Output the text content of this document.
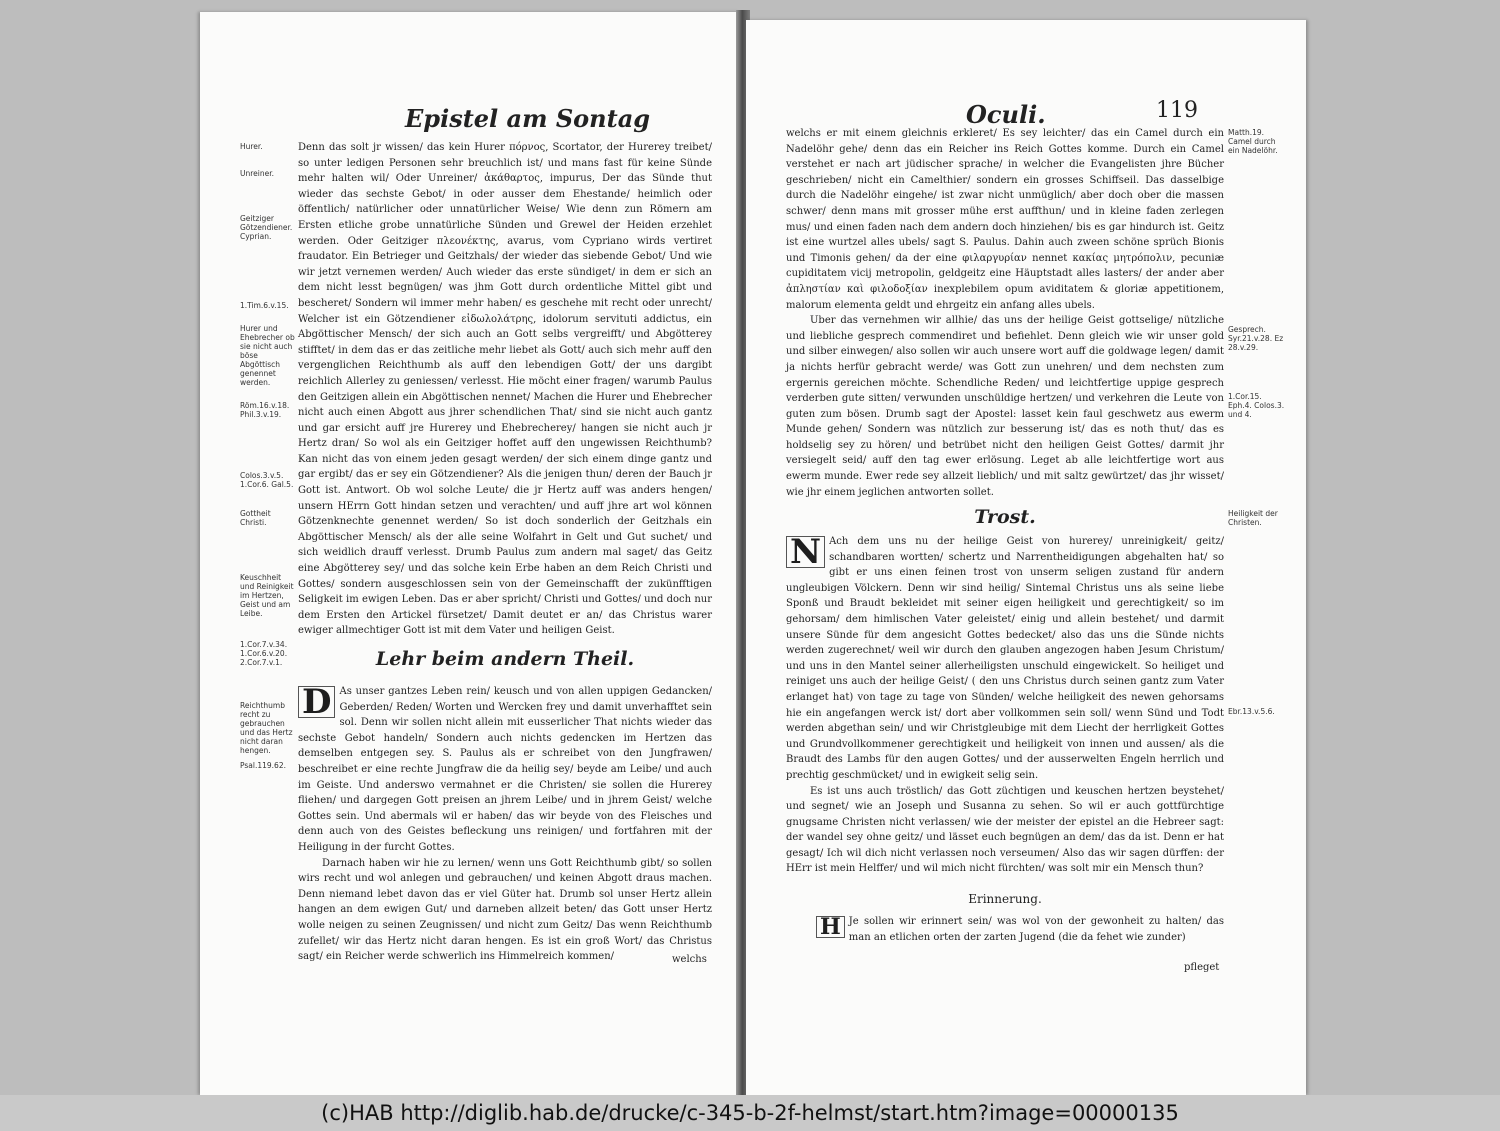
Epistel am Sontag
Hurer.
Unreiner.
Geitziger Götzendiener. Cyprian.
1.Tim.6.v.15.
Hurer und Ehebrecher ob sie nicht auch böse Abgöttisch genennet werden.
Röm.16.v.18. Phil.3.v.19.
Colos.3.v.5. 1.Cor.6. Gal.5.
Gottheit Christi.
Keuschheit und Reinigkeit im Hertzen, Geist und am Leibe.
1.Cor.7.v.34. 1.Cor.6.v.20. 2.Cor.7.v.1.
Reichthumb recht zu gebrauchen und das Hertz nicht daran hengen.
Psal.119.62.

Denn das solt jr wissen/ das kein Hurer πόρνος, Scortator, der Hurerey treibet/ so unter ledigen Personen sehr breuchlich ist/ und mans fast für keine Sünde mehr halten wil/ Oder Unreiner/ ἀκάθαρτος, impurus, Der das Sünde thut wieder das sechste Gebot/ in oder ausser dem Ehestande/ heimlich oder öffentlich/ natürlicher oder unnatürlicher Weise/ Wie denn zun Römern am Ersten etliche grobe unnatürliche Sünden und Grewel der Heiden erzehlet werden. Oder Geitziger πλεονέκτης, avarus, vom Cypriano wirds vertiret fraudator. Ein Betrieger und Geitzhals/ der wieder das siebende Gebot/ Und wie wir jetzt vernemen werden/ Auch wieder das erste sündiget/ in dem er sich an dem nicht lesst begnügen/ was jhm Gott durch ordentliche Mittel gibt und bescheret/ Sondern wil immer mehr haben/ es geschehe mit recht oder unrecht/ Welcher ist ein Götzendiener εἰδωλολάτρης, idolorum servituti addictus, ein Abgöttischer Mensch/ der sich auch an Gott selbs vergreifft/ und Abgötterey stifftet/ in dem das er das zeitliche mehr liebet als Gott/ auch sich mehr auff den vergenglichen Reichthumb als auff den lebendigen Gott/ der uns dargibt reichlich Allerley zu geniessen/ verlesst. Hie möcht einer fragen/ warumb Paulus den Geitzigen allein ein Abgöttischen nennet/ Machen die Hurer und Ehebrecher nicht auch einen Abgott aus jhrer schendlichen That/ sind sie nicht auch gantz und gar ersicht auff jre Hurerey und Ehebrecherey/ hangen sie nicht auch jr Hertz dran/ So wol als ein Geitziger hoffet auff den ungewissen Reichthumb? Kan nicht das von einem jeden gesagt werden/ der sich einem dinge gantz und gar ergibt/ das er sey ein Götzendiener? Als die jenigen thun/ deren der Bauch jr Gott ist. Antwort. Ob wol solche Leute/ die jr Hertz auff was anders hengen/ unsern HErrn Gott hindan setzen und verachten/ und auff jhre art wol können Götzenknechte genennet werden/ So ist doch sonderlich der Geitzhals ein Abgöttischer Mensch/ als der alle seine Wolfahrt in Gelt und Gut suchet/ und sich weidlich drauff verlesst. Drumb Paulus zum andern mal saget/ das Geitz eine Abgötterey sey/ und das solche kein Erbe haben an dem Reich Christi und Gottes/ sondern ausgeschlossen sein von der Gemeinschafft der zukünfftigen Seligkeit im ewigen Leben. Das er aber spricht/ Christi und Gottes/ und doch nur dem Ersten den Artickel fürsetzet/ Damit deutet er an/ das Christus warer ewiger allmechtiger Gott ist mit dem Vater und heiligen Geist.

Lehr beim andern Theil.

D As unser gantzes Leben rein/ keusch und von allen uppigen Gedancken/ Geberden/ Reden/ Worten und Wercken frey und damit unverhafftet sein sol. Denn wir sollen nicht allein mit eusserlicher That nichts wieder das sechste Gebot handeln/ Sondern auch nichts gedencken im Hertzen das demselben entgegen sey. S. Paulus als er schreibet von den Jungfrawen/ beschreibet er eine rechte Jungfraw die da heilig sey/ beyde am Leibe/ und auch im Geiste. Und anderswo vermahnet er die Christen/ sie sollen die Hurerey fliehen/ und dargegen Gott preisen an jhrem Leibe/ und in jhrem Geist/ welche Gottes sein. Und abermals wil er haben/ das wir beyde von des Fleisches und denn auch von des Geistes befleckung uns reinigen/ und fortfahren mit der Heiligung in der furcht Gottes.

Darnach haben wir hie zu lernen/ wenn uns Gott Reichthumb gibt/ so sollen wirs recht und wol anlegen und gebrauchen/ und keinen Abgott draus machen. Denn niemand lebet davon das er viel Güter hat. Drumb sol unser Hertz allein hangen an dem ewigen Gut/ und darneben allzeit beten/ das Gott unser Hertz wolle neigen zu seinen Zeugnissen/ und nicht zum Geitz/ Das wenn Reichthumb zufellet/ wir das Hertz nicht daran hengen. Es ist ein groß Wort/ das Christus sagt/ ein Reicher werde schwerlich ins Himmelreich kommen/	welchs
Oculi.	119

welchs er mit einem gleichnis erkleret/ Es sey leichter/ das ein Camel durch ein Nadelöhr gehe/ denn das ein Reicher ins Reich Gottes komme. Durch ein Camel verstehet er nach art jüdischer sprache/ in welcher die Evangelisten jhre Bücher geschrieben/ nicht ein Camelthier/ sondern ein grosses Schiffseil. Das dasselbige durch die Nadelöhr eingehe/ ist zwar nicht unmüglich/ aber doch ober die massen schwer/ denn mans mit grosser mühe erst auffthun/ und in kleine faden zerlegen mus/ und einen faden nach dem andern doch hinziehen/ bis es gar hindurch ist. Geitz ist eine wurtzel alles ubels/ sagt S. Paulus. Dahin auch zween schöne sprüch Bionis und Timonis gehen/ da der eine φιλαργυρίαν nennet κακίας μητρόπολιν, pecuniæ cupiditatem vicij metropolin, geldgeitz eine Häuptstadt alles lasters/ der ander aber ἀπληστίαν καὶ φιλοδοξίαν inexplebilem opum aviditatem & gloriæ appetitionem, malorum elementa geldt und ehrgeitz ein anfang alles ubels.

Uber das vernehmen wir allhie/ das uns der heilige Geist gottselige/ nützliche und liebliche gesprech commendiret und befiehlet. Denn gleich wie wir unser gold und silber einwegen/ also sollen wir auch unsere wort auff die goldwage legen/ damit ja nichts herfür gebracht werde/ was Gott zun unehren/ und dem nechsten zum ergernis gereichen möchte. Schendliche Reden/ und leichtfertige uppige gesprech verderben gute sitten/ verwunden unschüldige hertzen/ und verkehren die Leute von guten zum bösen. Drumb sagt der Apostel: lasset kein faul geschwetz aus ewerm Munde gehen/ Sondern was nützlich zur besserung ist/ das es noth thut/ das es holdselig sey zu hören/ und betrübet nicht den heiligen Geist Gottes/ darmit jhr versiegelt seid/ auff den tag ewer erlösung. Leget ab alle leichtfertige wort aus ewerm munde. Ewer rede sey allzeit lieblich/ und mit saltz gewürtzet/ das jhr wisset/ wie jhr einem jeglichen antworten sollet.

Matth.19. Camel durch ein Nadelöhr.
Gesprech. Syr.21.v.28. Ez 28.v.29.
1.Cor.15. Eph.4. Colos.3. und 4.
Heiligkeit der Christen.
Ebr.13.v.5.6.
Trost.

N Ach dem uns nu der heilige Geist von hurerey/ unreinigkeit/ geitz/ schandbaren wortten/ schertz und Narrentheidigungen abgehalten hat/ so gibt er uns einen feinen trost von unserm seligen zustand für andern ungleubigen Völckern. Denn wir sind heilig/ Sintemal Christus uns als seine liebe Sponß und Braudt bekleidet mit seiner eigen heiligkeit und gerechtigkeit/ so im gehorsam/ dem himlischen Vater geleistet/ einig und allein bestehet/ und darmit unsere Sünde für dem angesicht Gottes bedecket/ also das uns die Sünde nichts werden zugerechnet/ weil wir durch den glauben angezogen haben Jesum Christum/ und uns in den Mantel seiner allerheiligsten unschuld eingewickelt. So heiliget und reiniget uns auch der heilige Geist/ ( den uns Christus durch seinen gantz zum Vater erlanget hat) von tage zu tage von Sünden/ welche heiligkeit des newen gehorsams hie ein angefangen werck ist/ dort aber vollkommen sein soll/ wenn Sünd und Todt werden abgethan sein/ und wir Christgleubige mit dem Liecht der herrligkeit Gottes und Grundvollkommener gerechtigkeit und heiligkeit von innen und aussen/ als die Braudt des Lambs für den augen Gottes/ und der ausserwelten Engeln herrlich und prechtig geschmücket/ und in ewigkeit selig sein.

Es ist uns auch tröstlich/ das Gott züchtigen und keuschen hertzen beystehet/ und segnet/ wie an Joseph und Susanna zu sehen. So wil er auch gottfürchtige gnugsame Christen nicht verlassen/ wie der meister der epistel an die Hebreer sagt: der wandel sey ohne geitz/ und lässet euch begnügen an dem/ das da ist. Denn er hat gesagt/ Ich wil dich nicht verlassen noch verseumen/ Also das wir sagen dürffen: der HErr ist mein Helffer/ und wil mich nicht fürchten/ was solt mir ein Mensch thun?

Erinnerung.

H Je sollen wir erinnert sein/ was wol von der gewonheit zu halten/ das man an etlichen orten der zarten Jugend (die da fehet wie zunder)

pfleget
(c)HAB http://diglib.hab.de/drucke/c-345-b-2f-helmst/start.htm?image=00000135
